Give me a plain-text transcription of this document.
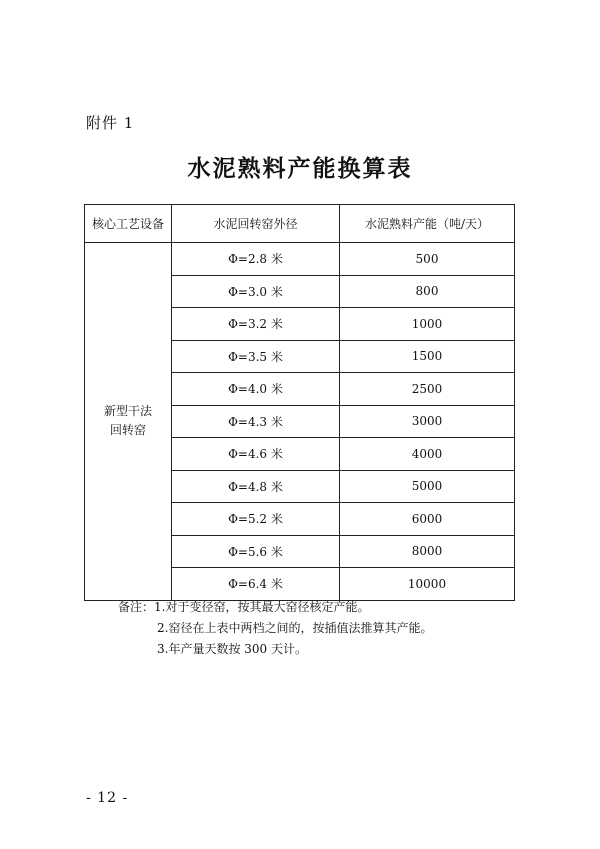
附件 1
水泥熟料产能换算表
核心工艺设备	水泥回转窑外径	水泥熟料产能（吨/天）

新型干法
回转窑	Φ=2.8 米	500
	Φ=3.0 米	800
	Φ=3.2 米	1000
	Φ=3.5 米	1500
	Φ=4.0 米	2500
	Φ=4.3 米	3000
	Φ=4.6 米	4000
	Φ=4.8 米	5000
	Φ=5.2 米	6000
	Φ=5.6 米	8000
	Φ=6.4 米	10000
备注：1.对于变径窑，按其最大窑径核定产能。
2.窑径在上表中两档之间的，按插值法推算其产能。
3.年产量天数按 300 天计。
- 12 -
